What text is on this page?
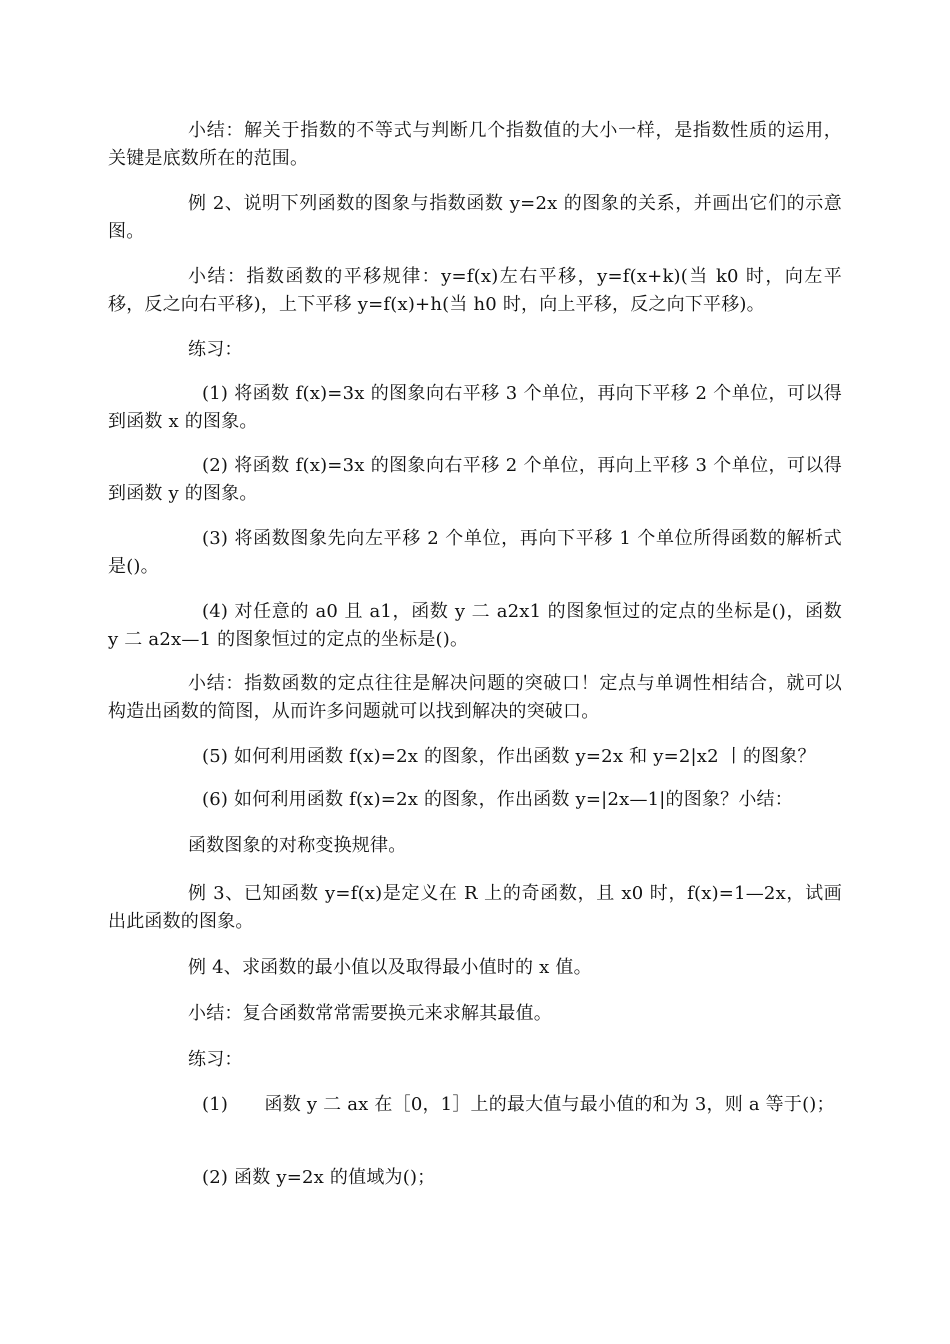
小结：解关于指数的不等式与判断几个指数值的大小一样，是指数性质的运用，关键是底数所在的范围。
例 2、说明下列函数的图象与指数函数 y=2x 的图象的关系，并画出它们的示意图。
小结：指数函数的平移规律：y=f(x)左右平移，y=f(x+k)(当 k0 时，向左平移，反之向右平移)，上下平移 y=f(x)+h(当 h0 时，向上平移，反之向下平移)。
练习：
(1) 将函数 f(x)=3x 的图象向右平移 3 个单位，再向下平移 2 个单位，可以得到函数 x 的图象。
(2) 将函数 f(x)=3x 的图象向右平移 2 个单位，再向上平移 3 个单位，可以得到函数 y 的图象。
(3) 将函数图象先向左平移 2 个单位，再向下平移 1 个单位所得函数的解析式是()。
(4) 对任意的 a0 且 a1，函数 y 二 a2x1 的图象恒过的定点的坐标是()，函数 y 二 a2x—1 的图象恒过的定点的坐标是()。
小结：指数函数的定点往往是解决问题的突破口！定点与单调性相结合，就可以构造出函数的简图，从而许多问题就可以找到解决的突破口。
(5) 如何利用函数 f(x)=2x 的图象，作出函数 y=2x 和 y=2|x2 丨的图象？
(6) 如何利用函数 f(x)=2x 的图象，作出函数 y=|2x—1|的图象？小结：
函数图象的对称变换规律。
例 3、已知函数 y=f(x)是定义在 R 上的奇函数，且 x0 时，f(x)=1—2x，试画出此函数的图象。
例 4、求函数的最小值以及取得最小值时的 x 值。
小结：复合函数常常需要换元来求解其最值。
练习：
(1)　　函数 y 二 ax 在［0，1］上的最大值与最小值的和为 3，则 a 等于()；
(2) 函数 y=2x 的值域为()；
